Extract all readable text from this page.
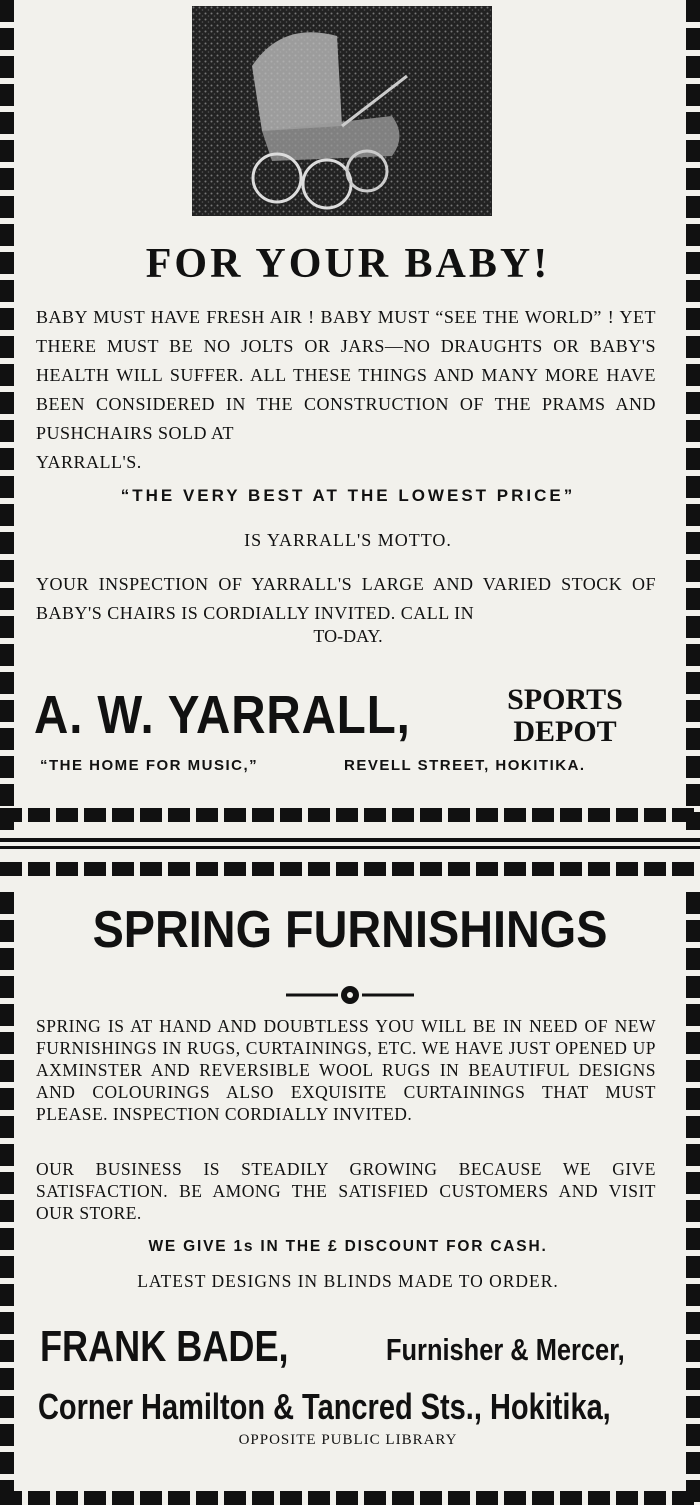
FOR YOUR BABY!
BABY MUST HAVE FRESH AIR ! BABY MUST “SEE THE WORLD” ! YET THERE MUST BE NO JOLTS OR JARS—NO DRAUGHTS OR BABY'S HEALTH WILL SUFFER. ALL THESE THINGS AND MANY MORE HAVE BEEN CONSIDERED IN THE CONSTRUCTION OF THE PRAMS AND PUSHCHAIRS SOLD AT
YARRALL'S.
“THE VERY BEST AT THE LOWEST PRICE”
IS YARRALL'S MOTTO.
YOUR INSPECTION OF YARRALL'S LARGE AND VARIED STOCK OF BABY'S CHAIRS IS CORDIALLY INVITED. CALL IN
TO-DAY.
A. W. YARRALL,	SPORTS
DEPOT
“THE HOME FOR MUSIC,”	REVELL STREET, HOKITIKA.
SPRING FURNISHINGS
SPRING IS AT HAND AND DOUBTLESS YOU WILL BE IN NEED OF NEW FURNISHINGS IN RUGS, CURTAININGS, ETC. WE HAVE JUST OPENED UP AXMINSTER AND REVERSIBLE WOOL RUGS IN BEAUTIFUL DESIGNS AND COLOURINGS ALSO EXQUISITE CURTAININGS THAT MUST PLEASE. INSPECTION CORDIALLY INVITED.
OUR BUSINESS IS STEADILY GROWING BECAUSE WE GIVE SATISFACTION. BE AMONG THE SATISFIED CUSTOMERS AND VISIT OUR STORE.
WE GIVE 1s IN THE £ DISCOUNT FOR CASH.
LATEST DESIGNS IN BLINDS MADE TO ORDER.
FRANK BADE,	Furnisher & Mercer,
Corner Hamilton & Tancred Sts., Hokitika,
OPPOSITE PUBLIC LIBRARY
